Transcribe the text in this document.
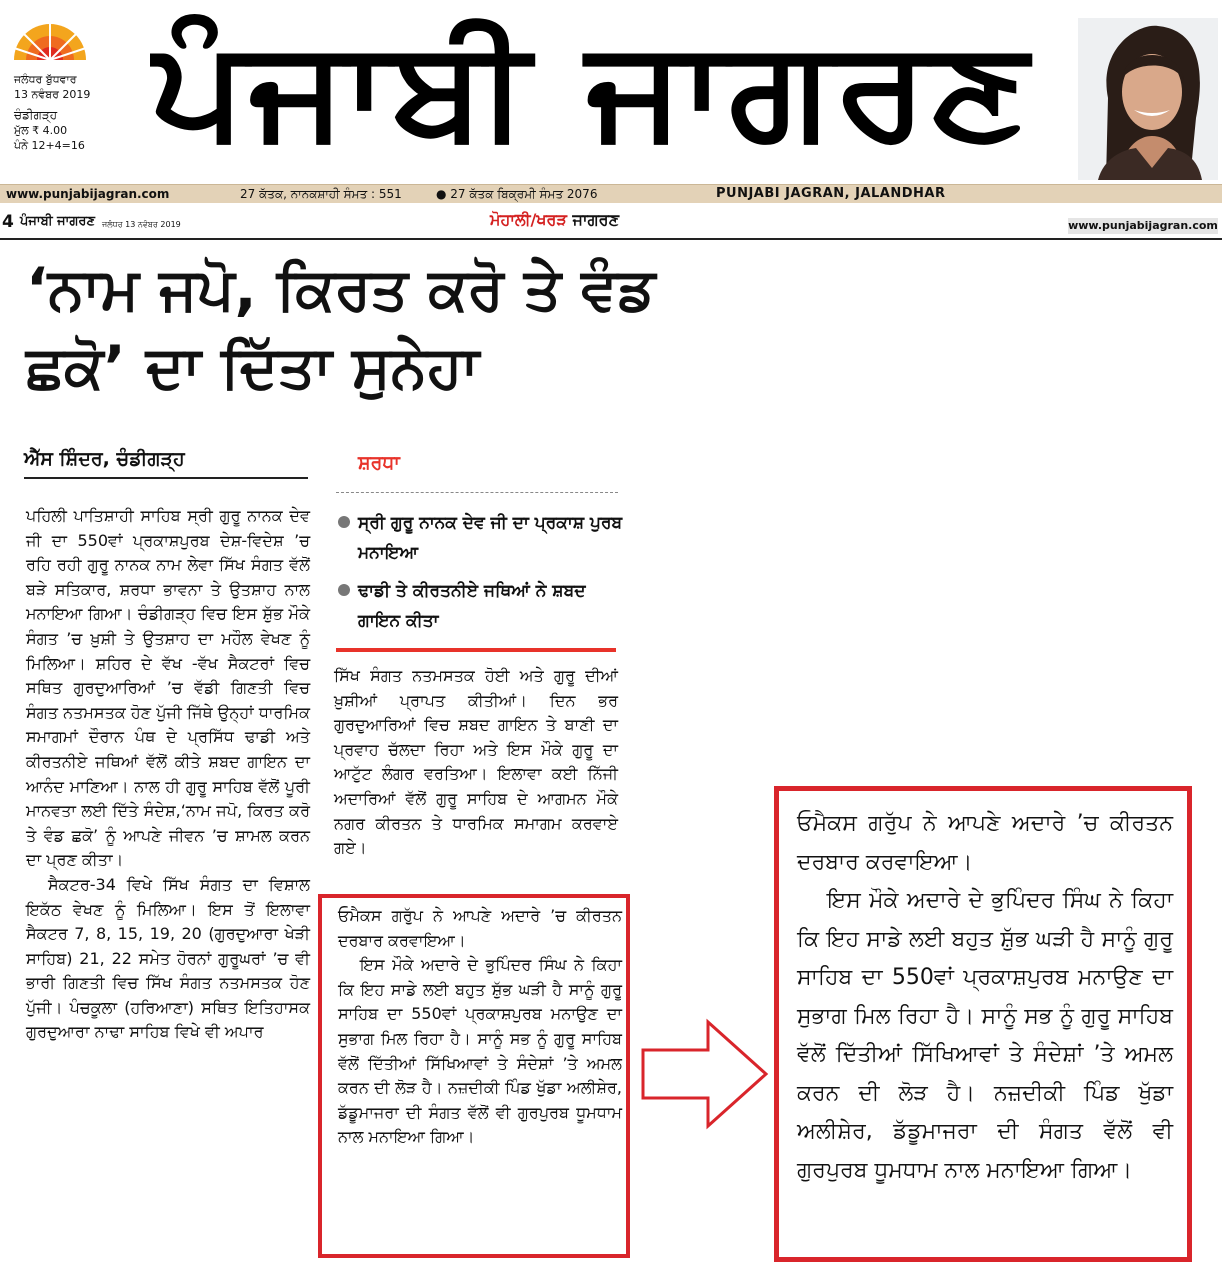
ਜਲੰਧਰ ਬੁੱਧਵਾਰ
13 ਨਵੰਬਰ 2019
ਚੰਡੀਗੜ੍ਹ
ਮੁੱਲ ₹ 4.00
ਪੰਨੇ 12+4=16 ਪੰਜਾਬੀ ਜਾਗਰਣ
www.punjabijagran.com	27 ਕੱਤਕ, ਨਾਨਕਸ਼ਾਹੀ ਸੰਮਤ : 551	● 27 ਕੱਤਕ ਬਿਕ੍ਰਮੀ ਸੰਮਤ 2076	PUNJABI JAGRAN, JALANDHAR
4 ਪੰਜਾਬੀ ਜਾਗਰਣ ਜਲੰਧਰ 13 ਨਵੰਬਰ 2019	ਮੋਹਾਲੀ/ਖਰੜ ਜਾਗਰਣ	www.punjabijagran.com
‘ਨਾਮ ਜਪੋ, ਕਿਰਤ ਕਰੋ ਤੇ ਵੰਡ ਛਕੋ’ ਦਾ ਦਿੱਤਾ ਸੁਨੇਹਾ
ਐੱਸ ਸ਼ਿੰਦਰ, ਚੰਡੀਗੜ੍ਹ
ਪਹਿਲੀ ਪਾਤਿਸ਼ਾਹੀ ਸਾਹਿਬ ਸ੍ਰੀ ਗੁਰੂ ਨਾਨਕ ਦੇਵ ਜੀ ਦਾ 550ਵਾਂ ਪ੍ਰਕਾਸ਼ਪੁਰਬ ਦੇਸ਼-ਵਿਦੇਸ਼ ’ਚ ਰਹਿ ਰਹੀ ਗੁਰੂ ਨਾਨਕ ਨਾਮ ਲੇਵਾ ਸਿੱਖ ਸੰਗਤ ਵੱਲੋਂ ਬੜੇ ਸਤਿਕਾਰ, ਸ਼ਰਧਾ ਭਾਵਨਾ ਤੇ ਉਤਸ਼ਾਹ ਨਾਲ ਮਨਾਇਆ ਗਿਆ। ਚੰਡੀਗੜ੍ਹ ਵਿਚ ਇਸ ਸ਼ੁੱਭ ਮੌਕੇ ਸੰਗਤ ’ਚ ਖ਼ੁਸ਼ੀ ਤੇ ਉਤਸ਼ਾਹ ਦਾ ਮਹੌਲ ਵੇਖਣ ਨੂੰ ਮਿਲਿਆ। ਸ਼ਹਿਰ ਦੇ ਵੱਖ -ਵੱਖ ਸੈਕਟਰਾਂ ਵਿਚ ਸਥਿਤ ਗੁਰਦੁਆਰਿਆਂ ’ਚ ਵੱਡੀ ਗਿਣਤੀ ਵਿਚ ਸੰਗਤ ਨਤਮਸਤਕ ਹੋਣ ਪੁੱਜੀ ਜਿੱਥੇ ਉਨ੍ਹਾਂ ਧਾਰਮਿਕ ਸਮਾਗਮਾਂ ਦੌਰਾਨ ਪੰਥ ਦੇ ਪ੍ਰਸਿੱਧ ਢਾਡੀ ਅਤੇ ਕੀਰਤਨੀਏ ਜਥਿਆਂ ਵੱਲੋਂ ਕੀਤੇ ਸ਼ਬਦ ਗਾਇਨ ਦਾ ਆਨੰਦ ਮਾਣਿਆ। ਨਾਲ ਹੀ ਗੁਰੂ ਸਾਹਿਬ ਵੱਲੋਂ ਪੂਰੀ ਮਾਨਵਤਾ ਲਈ ਦਿੱਤੇ ਸੰਦੇਸ਼,‘ਨਾਮ ਜਪੋ, ਕਿਰਤ ਕਰੋ ਤੇ ਵੰਡ ਛਕੋ’ ਨੂੰ ਆਪਣੇ ਜੀਵਨ ’ਚ ਸ਼ਾਮਲ ਕਰਨ ਦਾ ਪ੍ਰਣ ਕੀਤਾ।
ਸੈਕਟਰ-34 ਵਿਖੇ ਸਿੱਖ ਸੰਗਤ ਦਾ ਵਿਸ਼ਾਲ ਇਕੱਠ ਵੇਖਣ ਨੂੰ ਮਿਲਿਆ। ਇਸ ਤੋਂ ਇਲਾਵਾ ਸੈਕਟਰ 7, 8, 15, 19, 20 (ਗੁਰਦੁਆਰਾ ਖੇੜੀ ਸਾਹਿਬ) 21, 22 ਸਮੇਤ ਹੋਰਨਾਂ ਗੁਰੂਘਰਾਂ ’ਚ ਵੀ ਭਾਰੀ ਗਿਣਤੀ ਵਿਚ ਸਿੱਖ ਸੰਗਤ ਨਤਮਸਤਕ ਹੋਣ ਪੁੱਜੀ। ਪੰਚਕੂਲਾ (ਹਰਿਆਣਾ) ਸਥਿਤ ਇਤਿਹਾਸਕ ਗੁਰਦੁਆਰਾ ਨਾਢਾ ਸਾਹਿਬ ਵਿਖੇ ਵੀ ਅਪਾਰ
ਸ਼ਰਧਾ
ਸ੍ਰੀ ਗੁਰੂ ਨਾਨਕ ਦੇਵ ਜੀ ਦਾ ਪ੍ਰਕਾਸ਼ ਪੁਰਬ ਮਨਾਇਆ
ਢਾਡੀ ਤੇ ਕੀਰਤਨੀਏ ਜਥਿਆਂ ਨੇ ਸ਼ਬਦ ਗਾਇਨ ਕੀਤਾ
ਸਿੱਖ ਸੰਗਤ ਨਤਮਸਤਕ ਹੋਈ ਅਤੇ ਗੁਰੂ ਦੀਆਂ ਖ਼ੁਸ਼ੀਆਂ ਪ੍ਰਾਪਤ ਕੀਤੀਆਂ। ਦਿਨ ਭਰ ਗੁਰਦੁਆਰਿਆਂ ਵਿਚ ਸ਼ਬਦ ਗਾਇਨ ਤੇ ਬਾਣੀ ਦਾ ਪ੍ਰਵਾਹ ਚੱਲਦਾ ਰਿਹਾ ਅਤੇ ਇਸ ਮੌਕੇ ਗੁਰੂ ਦਾ ਆਟੁੱਟ ਲੰਗਰ ਵਰਤਿਆ। ਇਲਾਵਾ ਕਈ ਨਿੱਜੀ ਅਦਾਰਿਆਂ ਵੱਲੋਂ ਗੁਰੂ ਸਾਹਿਬ ਦੇ ਆਗਮਨ ਮੌਕੇ ਨਗਰ ਕੀਰਤਨ ਤੇ ਧਾਰਮਿਕ ਸਮਾਗਮ ਕਰਵਾਏ ਗਏ।
ਓਮੈਕਸ ਗਰੁੱਪ ਨੇ ਆਪਣੇ ਅਦਾਰੇ ’ਚ ਕੀਰਤਨ ਦਰਬਾਰ ਕਰਵਾਇਆ।
ਇਸ ਮੌਕੇ ਅਦਾਰੇ ਦੇ ਭੁਪਿੰਦਰ ਸਿੰਘ ਨੇ ਕਿਹਾ ਕਿ ਇਹ ਸਾਡੇ ਲਈ ਬਹੁਤ ਸ਼ੁੱਭ ਘੜੀ ਹੈ ਸਾਨੂੰ ਗੁਰੂ ਸਾਹਿਬ ਦਾ 550ਵਾਂ ਪ੍ਰਕਾਸ਼ਪੁਰਬ ਮਨਾਉਣ ਦਾ ਸੁਭਾਗ ਮਿਲ ਰਿਹਾ ਹੈ। ਸਾਨੂੰ ਸਭ ਨੂੰ ਗੁਰੂ ਸਾਹਿਬ ਵੱਲੋਂ ਦਿੱਤੀਆਂ ਸਿੱਖਿਆਵਾਂ ਤੇ ਸੰਦੇਸ਼ਾਂ ’ਤੇ ਅਮਲ ਕਰਨ ਦੀ ਲੋੜ ਹੈ। ਨਜ਼ਦੀਕੀ ਪਿੰਡ ਖੁੱਡਾ ਅਲੀਸ਼ੇਰ, ਡੱਡੂਮਾਜਰਾ ਦੀ ਸੰਗਤ ਵੱਲੋਂ ਵੀ ਗੁਰਪੁਰਬ ਧੂਮਧਾਮ ਨਾਲ ਮਨਾਇਆ ਗਿਆ।
ਓਮੈਕਸ ਗਰੁੱਪ ਨੇ ਆਪਣੇ ਅਦਾਰੇ ’ਚ ਕੀਰਤਨ ਦਰਬਾਰ ਕਰਵਾਇਆ।
ਇਸ ਮੌਕੇ ਅਦਾਰੇ ਦੇ ਭੁਪਿੰਦਰ ਸਿੰਘ ਨੇ ਕਿਹਾ ਕਿ ਇਹ ਸਾਡੇ ਲਈ ਬਹੁਤ ਸ਼ੁੱਭ ਘੜੀ ਹੈ ਸਾਨੂੰ ਗੁਰੂ ਸਾਹਿਬ ਦਾ 550ਵਾਂ ਪ੍ਰਕਾਸ਼ਪੁਰਬ ਮਨਾਉਣ ਦਾ ਸੁਭਾਗ ਮਿਲ ਰਿਹਾ ਹੈ। ਸਾਨੂੰ ਸਭ ਨੂੰ ਗੁਰੂ ਸਾਹਿਬ ਵੱਲੋਂ ਦਿੱਤੀਆਂ ਸਿੱਖਿਆਵਾਂ ਤੇ ਸੰਦੇਸ਼ਾਂ ’ਤੇ ਅਮਲ ਕਰਨ ਦੀ ਲੋੜ ਹੈ। ਨਜ਼ਦੀਕੀ ਪਿੰਡ ਖੁੱਡਾ ਅਲੀਸ਼ੇਰ, ਡੱਡੂਮਾਜਰਾ ਦੀ ਸੰਗਤ ਵੱਲੋਂ ਵੀ ਗੁਰਪੁਰਬ ਧੂਮਧਾਮ ਨਾਲ ਮਨਾਇਆ ਗਿਆ।
